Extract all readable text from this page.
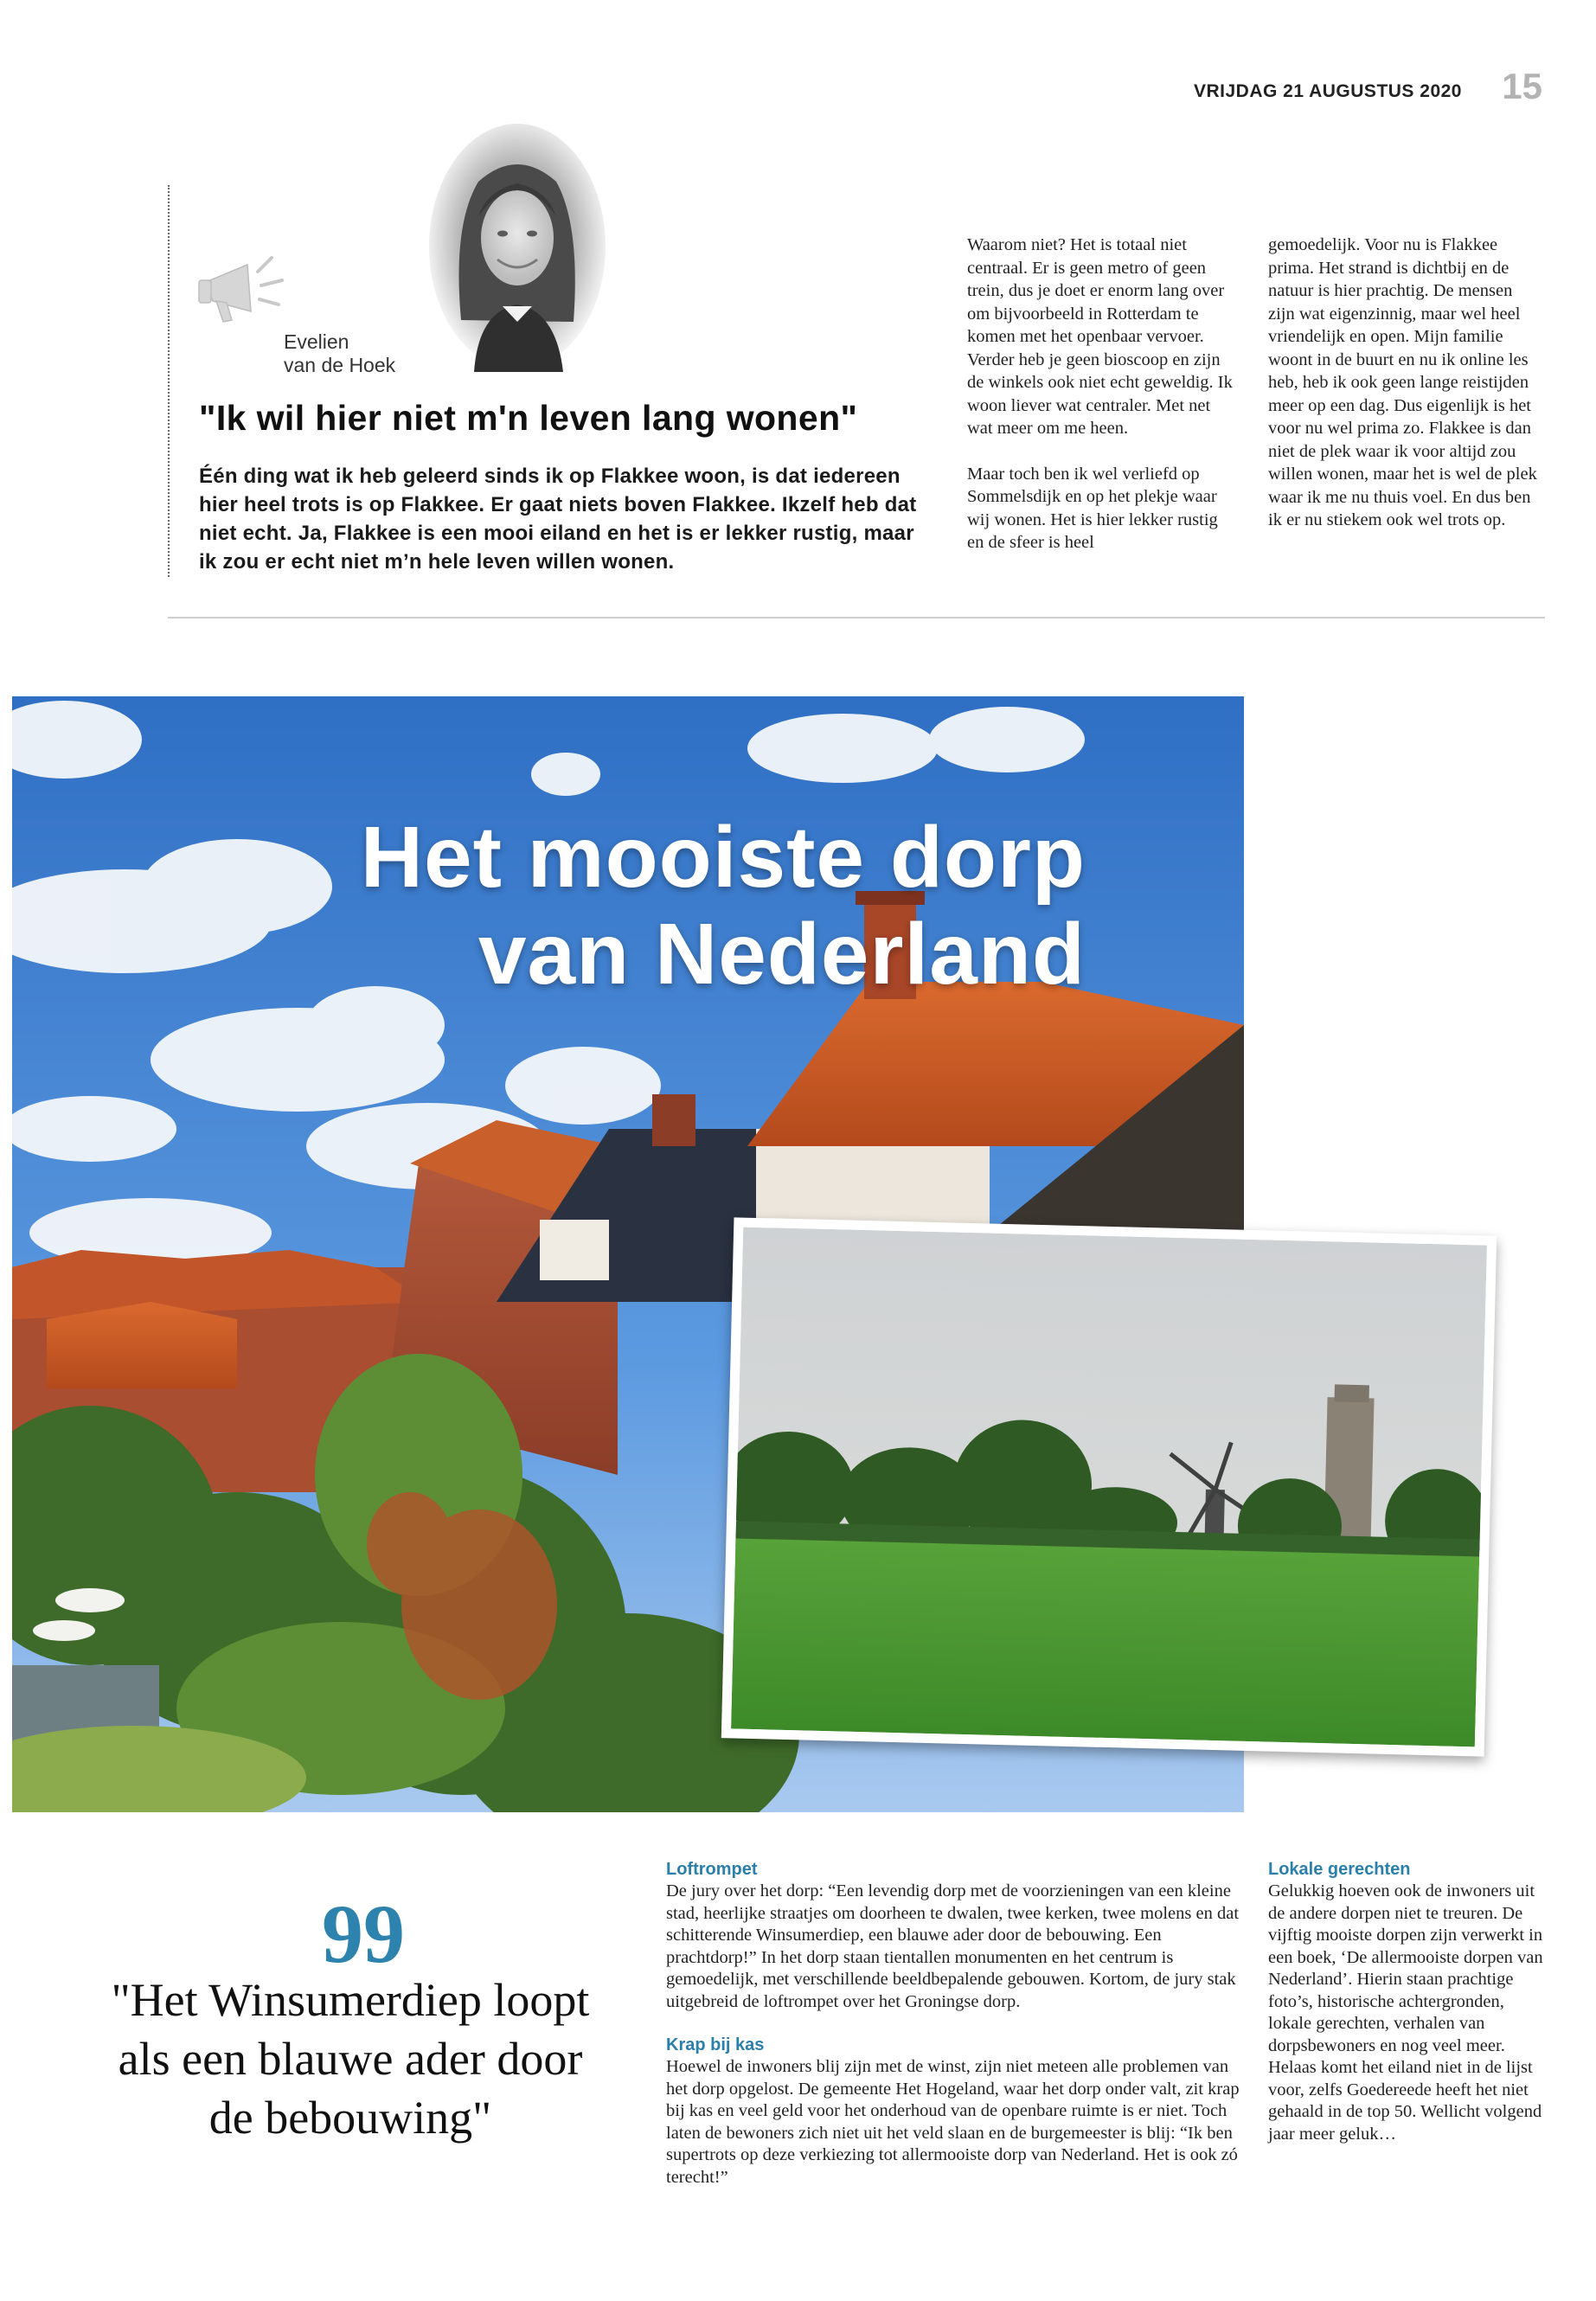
VRIJDAG 21 AUGUSTUS 2020 15
Evelien
van de Hoek
"Ik wil hier niet m'n leven lang wonen"
Één ding wat ik heb geleerd sinds ik op Flakkee woon, is dat iedereen hier heel trots is op Flakkee. Er gaat niets boven Flakkee. Ikzelf heb dat niet echt. Ja, Flakkee is een mooi eiland en het is er lekker rustig, maar ik zou er echt niet m’n hele leven willen wonen.

Waarom niet? Het is totaal niet centraal. Er is geen metro of geen trein, dus je doet er enorm lang over om bijvoorbeeld in Rotterdam te komen met het openbaar vervoer. Verder heb je geen bioscoop en zijn de winkels ook niet echt geweldig. Ik woon liever wat centraler. Met net wat meer om me heen.

Maar toch ben ik wel verliefd op Sommelsdijk en op het plekje waar wij wonen. Het is hier lekker rustig en de sfeer is heel

gemoedelijk. Voor nu is Flakkee prima. Het strand is dichtbij en de natuur is hier prachtig. De mensen zijn wat eigenzinnig, maar wel heel vriendelijk en open. Mijn familie woont in de buurt en nu ik online les heb, heb ik ook geen lange reistijden meer op een dag. Dus eigenlijk is het voor nu wel prima zo. Flakkee is dan niet de plek waar ik voor altijd zou willen wonen, maar het is wel de plek waar ik me nu thuis voel. En dus ben ik er nu stiekem ook wel trots op.

Het mooiste dorp
van Nederland
99
"Het Winsumerdiep loopt als een blauwe ader door de bebouwing"

Loftrompet

De jury over het dorp: “Een levendig dorp met de voorzieningen van een kleine stad, heerlijke straatjes om doorheen te dwalen, twee kerken, twee molens en dat schitterende Winsumerdiep, een blauwe ader door de bebouwing. Een prachtdorp!” In het dorp staan tientallen monumenten en het centrum is gemoedelijk, met verschillende beeldbepalende gebouwen. Kortom, de jury stak uitgebreid de loftrompet over het Groningse dorp.

Krap bij kas

Hoewel de inwoners blij zijn met de winst, zijn niet meteen alle problemen van het dorp opgelost. De gemeente Het Hogeland, waar het dorp onder valt, zit krap bij kas en veel geld voor het onderhoud van de openbare ruimte is er niet. Toch laten de bewoners zich niet uit het veld slaan en de burgemeester is blij: “Ik ben supertrots op deze verkiezing tot allermooiste dorp van Nederland. Het is ook zó terecht!”

Lokale gerechten

Gelukkig hoeven ook de inwoners uit de andere dorpen niet te treuren. De vijftig mooiste dorpen zijn verwerkt in een boek, ‘De allermooiste dorpen van Nederland’. Hierin staan prachtige foto’s, historische achtergronden, lokale gerechten, verhalen van dorpsbewoners en nog veel meer. Helaas komt het eiland niet in de lijst voor, zelfs Goedereede heeft het niet gehaald in de top 50. Wellicht volgend jaar meer geluk…
